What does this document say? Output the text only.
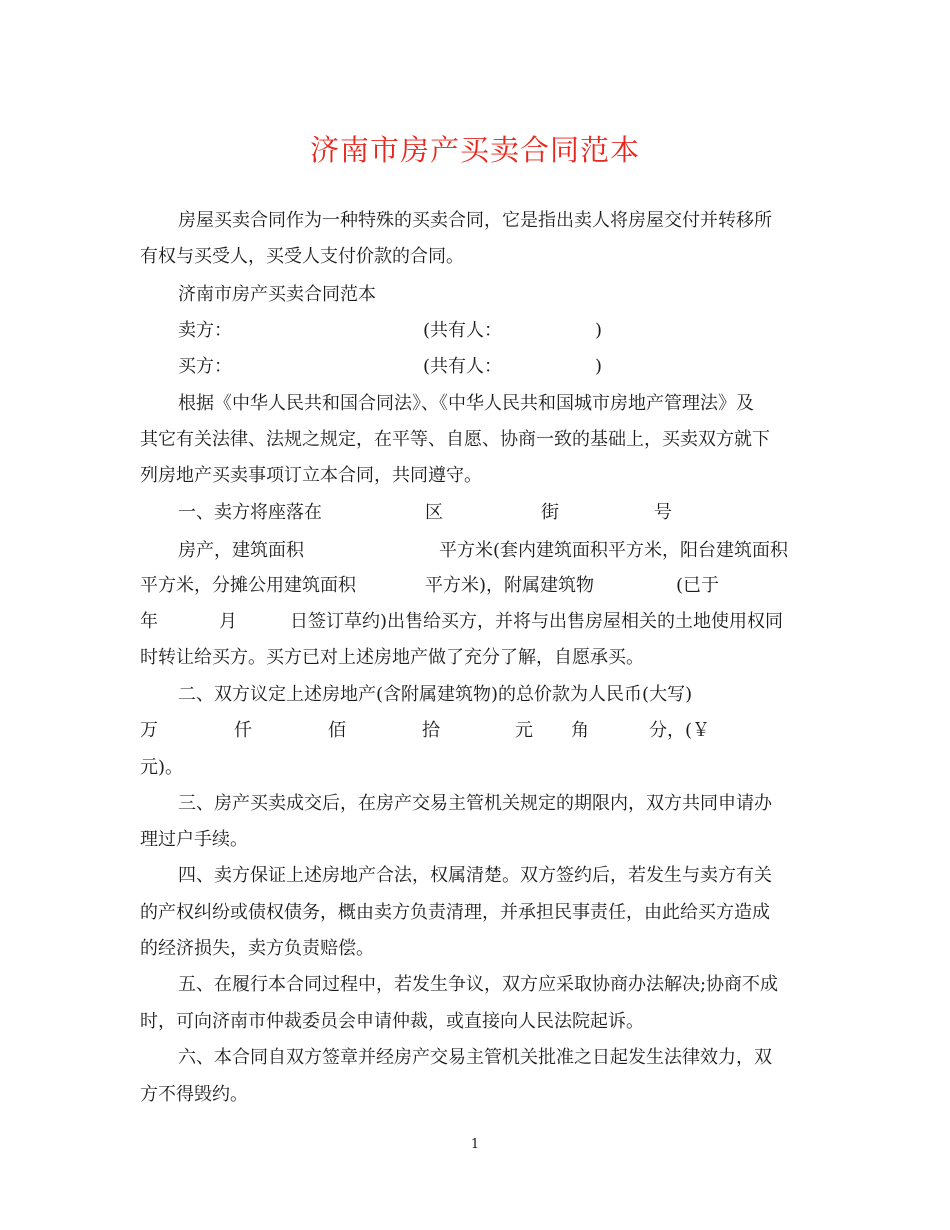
济南市房产买卖合同范本
房屋买卖合同作为一种特殊的买卖合同，它是指出卖人将房屋交付并转移所
有权与买受人，买受人支付价款的合同。
济南市房产买卖合同范本
卖方：	(共有人：	)
买方：	(共有人：	)
根据《中华人民共和国合同法》、《中华人民共和国城市房地产管理法》及
其它有关法律、法规之规定，在平等、自愿、协商一致的基础上，买卖双方就下
列房地产买卖事项订立本合同，共同遵守。
一、卖方将座落在	区	街	号
房产，建筑面积	平方米(套内建筑面积平方米，阳台建筑面积
平方米，分摊公用建筑面积	平方米)，附属建筑物	(已于
年	月	日签订草约)出售给买方，并将与出售房屋相关的土地使用权同
时转让给买方。买方已对上述房地产做了充分了解，自愿承买。
二、双方议定上述房地产(含附属建筑物)的总价款为人民币(大写)
万	仟	佰	拾	元 角	分，(￥
元)。
三、房产买卖成交后，在房产交易主管机关规定的期限内，双方共同申请办
理过户手续。
四、卖方保证上述房地产合法，权属清楚。双方签约后，若发生与卖方有关
的产权纠纷或债权债务，概由卖方负责清理，并承担民事责任，由此给买方造成
的经济损失，卖方负责赔偿。
五、在履行本合同过程中，若发生争议，双方应采取协商办法解决;协商不成
时，可向济南市仲裁委员会申请仲裁，或直接向人民法院起诉。
六、本合同自双方签章并经房产交易主管机关批准之日起发生法律效力，双
方不得毁约。
1
